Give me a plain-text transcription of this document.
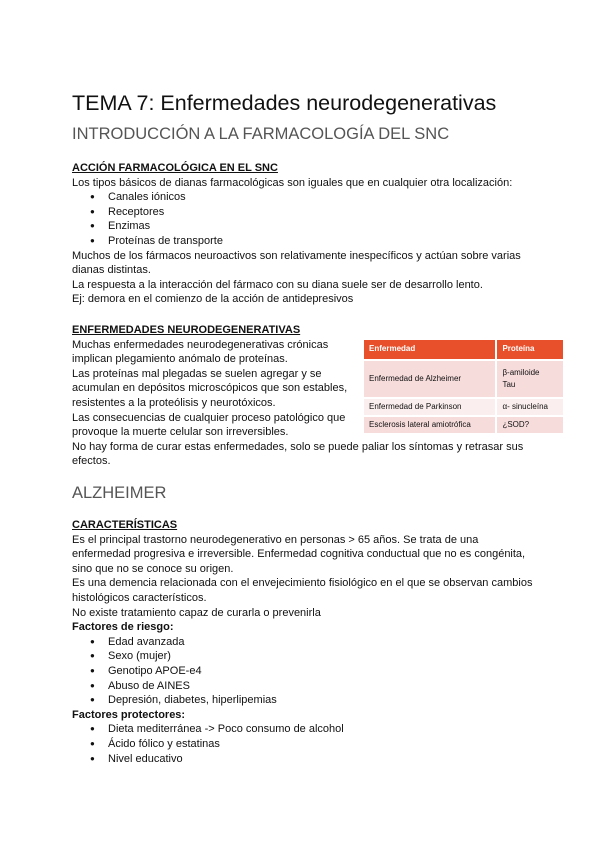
TEMA 7: Enfermedades neurodegenerativas
INTRODUCCIÓN A LA FARMACOLOGÍA DEL SNC

ACCIÓN FARMACOLÓGICA EN EL SNC

Los tipos básicos de dianas farmacológicas son iguales que en cualquier otra localización:

● Canales iónicos
● Receptores
● Enzimas
● Proteínas de transporte

Muchos de los fármacos neuroactivos son relativamente inespecíficos y actúan sobre varias dianas distintas.

La respuesta a la interacción del fármaco con su diana suele ser de desarrollo lento.

Ej: demora en el comienzo de la acción de antidepresivos

ENFERMEDADES NEURODEGENERATIVAS

Muchas enfermedades neurodegenerativas crónicas

implican plegamiento anómalo de proteínas.

Las proteínas mal plegadas se suelen agregar y se

acumulan en depósitos microscópicos que son estables,

resistentes a la proteólisis y neurotóxicos.

Las consecuencias de cualquier proceso patológico que

provoque la muerte celular son irreversibles.

No hay forma de curar estas enfermedades, solo se puede paliar los síntomas y retrasar sus efectos.

Enfermedad	Proteína
Enfermedad de Alzheimer	β-amiloide
Tau

Enfermedad de Parkinson	α- sinucleína
Esclerosis lateral amiotrófica	¿SOD?
ALZHEIMER

CARACTERÍSTICAS

Es el principal trastorno neurodegenerativo en personas > 65 años. Se trata de una enfermedad progresiva e irreversible. Enfermedad cognitiva conductual que no es congénita, sino que no se conoce su origen.

Es una demencia relacionada con el envejecimiento fisiológico en el que se observan cambios histológicos característicos.

No existe tratamiento capaz de curarla o prevenirla

Factores de riesgo:

● Edad avanzada
● Sexo (mujer)
● Genotipo APOE-e4
● Abuso de AINES
● Depresión, diabetes, hiperlipemias

Factores protectores:

● Dieta mediterránea -> Poco consumo de alcohol
● Ácido fólico y estatinas
● Nivel educativo
